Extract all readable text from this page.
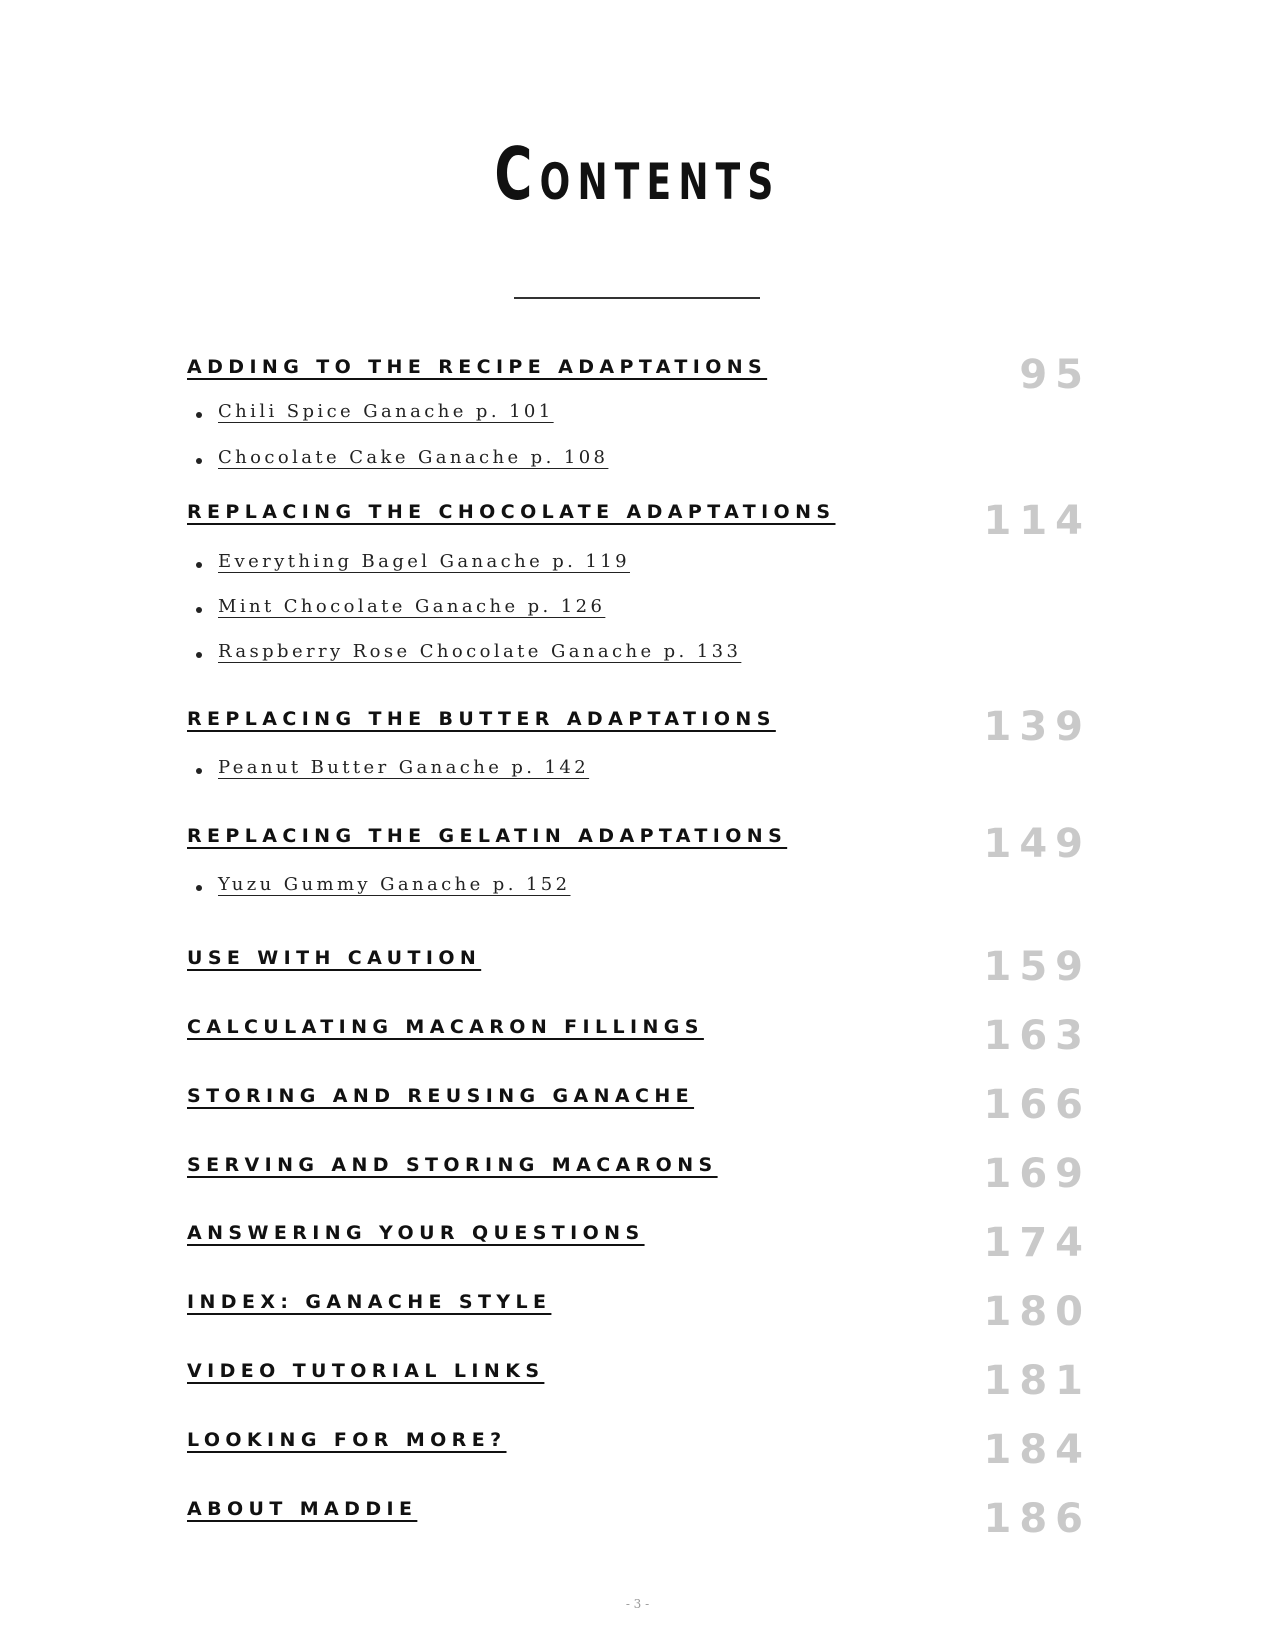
Contents
ADDING TO THE RECIPE ADAPTATIONS	95
Chili Spice Ganache p. 101
Chocolate Cake Ganache p. 108
REPLACING THE CHOCOLATE ADAPTATIONS	114
Everything Bagel Ganache p. 119
Mint Chocolate Ganache p. 126
Raspberry Rose Chocolate Ganache p. 133
REPLACING THE BUTTER ADAPTATIONS	139
Peanut Butter Ganache p. 142
REPLACING THE GELATIN ADAPTATIONS	149
Yuzu Gummy Ganache p. 152
USE WITH CAUTION	159
CALCULATING MACARON FILLINGS	163
STORING AND REUSING GANACHE	166
SERVING AND STORING MACARONS	169
ANSWERING YOUR QUESTIONS	174
INDEX: GANACHE STYLE	180
VIDEO TUTORIAL LINKS	181
LOOKING FOR MORE?	184
ABOUT MADDIE	186
- 3 -
